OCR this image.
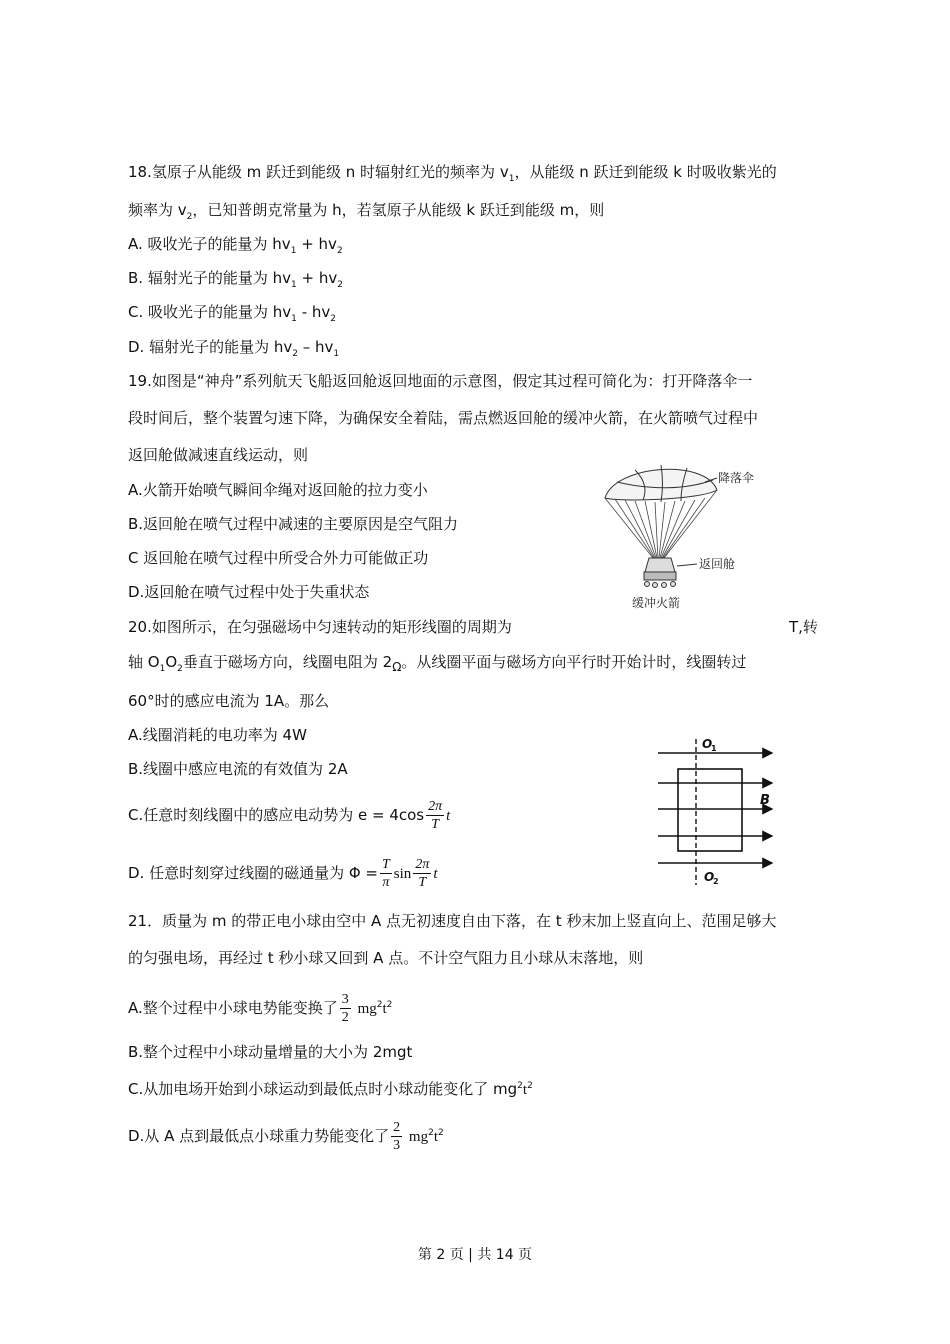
18.氢原子从能级 m 跃迁到能级 n 时辐射红光的频率为 $v_1$，从能级 n 跃迁到能级 k 时吸收紫光的
频率为 $v_2$，已知普朗克常量为 h，若氢原子从能级 k 跃迁到能级 m，则
A. 吸收光子的能量为 $hv_1 + hv_2$
B. 辐射光子的能量为 $hv_1 + hv_2$
C. 吸收光子的能量为 $hv_1 - hv_2$
D. 辐射光子的能量为 $hv_2 - hv_1$
19.如图是“神舟”系列航天飞船返回舱返回地面的示意图，假定其过程可简化为：打开降落伞一
段时间后，整个装置匀速下降，为确保安全着陆，需点燃返回舱的缓冲火箭，在火箭喷气过程中
返回舱做减速直线运动，则
A.火箭开始喷气瞬间伞绳对返回舱的拉力变小
B.返回舱在喷气过程中减速的主要原因是空气阻力
C 返回舱在喷气过程中所受合外力可能做正功
D.返回舱在喷气过程中处于失重状态
降落伞
返回舱
缓冲火箭
20.如图所示，在匀强磁场中匀速转动的矩形线圈的周期为	T,转
轴 $O_1O_2$垂直于磁场方向，线圈电阻为 $2_\Omega$。从线圈平面与磁场方向平行时开始计时，线圈转过
60°时的感应电流为 1A。那么
A.线圈消耗的电功率为 4W
B.线圈中感应电流的有效值为 2A
C.任意时刻线圈中的感应电动势为 $e = 4\cos \frac{2\pi}{T}$ t
D. 任意时刻穿过线圈的磁通量为 $\Phi = \frac{T}{\pi}$ $\sin \frac{2\pi}{T}$ t
O
1
B
O
2
21．质量为 m 的带正电小球由空中 A 点无初速度自由下落，在 t 秒末加上竖直向上、范围足够大
的匀强电场，再经过 t 秒小球又回到 A 点。不计空气阻力且小球从末落地，则
A.整个过程中小球电势能变换了 $\frac{3}{2} mg^2t^2$
B.整个过程中小球动量增量的大小为 2mgt
C.从加电场开始到小球运动到最低点时小球动能变化了 $mg^2t^2$
D.从 A 点到最低点小球重力势能变化了 $\frac{2}{3} mg^2t^2$
第 2 页 | 共 14 页
